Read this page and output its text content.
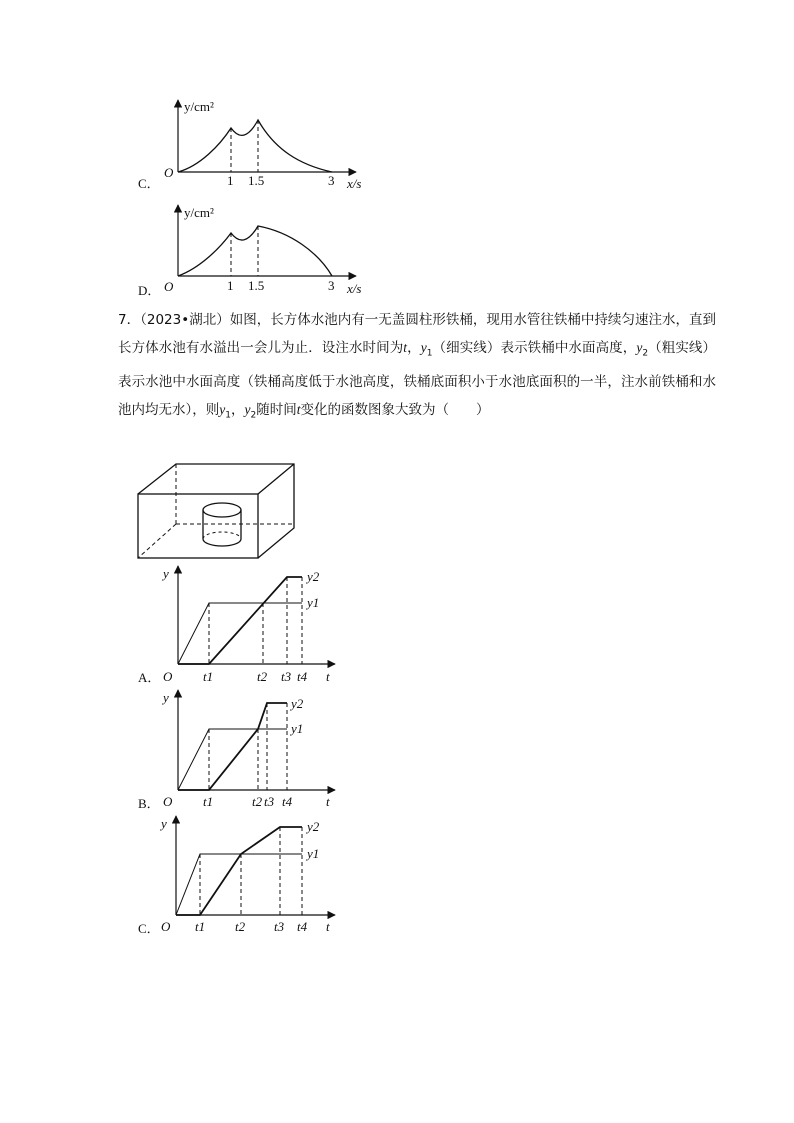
C．
O
y/cm²
x/s
1 1.5	3
D． O
y/cm²
x/s
1 1.5	3

7．（2023•湖北）如图，长方体水池内有一无盖圆柱形铁桶，现用水管往铁桶中持续匀速注水，直到长方体水池有水溢出一会儿为止．设注水时间为t，$y_1$（细实线）表示铁桶中水面高度，$y_2$（粗实线）表示水池中水面高度（铁桶高度低于水池高度，铁桶底面积小于水池底面积的一半，注水前铁桶和水池内均无水），则$y_1$，$y_2$随时间t变化的函数图象大致为（　　）

A． O
y
t
y2
y1
t1	t2 t3 t4
B． O
y
t
y2
y1
t1	t2 t3 t4
C． O
y
t
y2
y1
t1 t2 t3 t4
